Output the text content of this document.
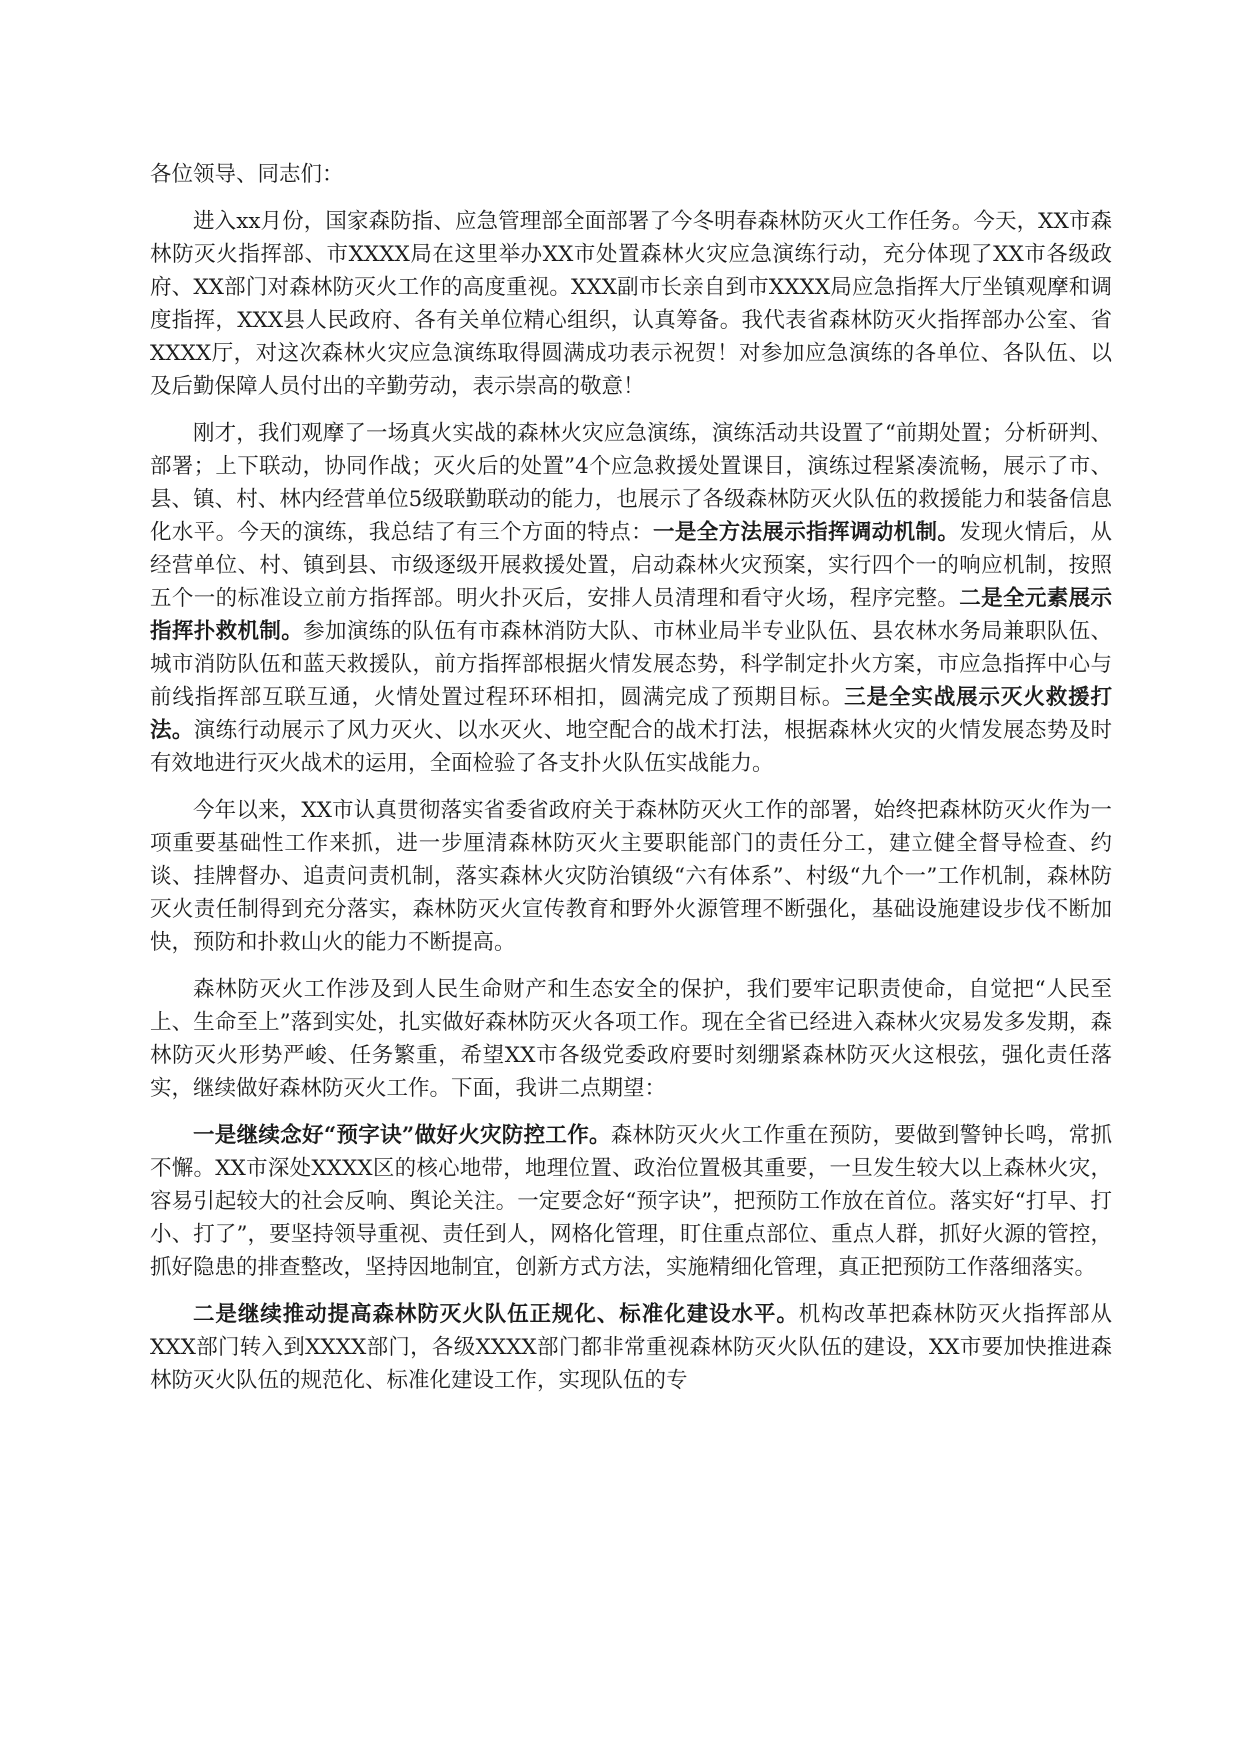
各位领导、同志们：

进入xx月份，国家森防指、应急管理部全面部署了今冬明春森林防灭火工作任务。今天，XX市森林防灭火指挥部、市XXXX局在这里举办XX市处置森林火灾应急演练行动，充分体现了XX市各级政府、XX部门对森林防灭火工作的高度重视。XXX副市长亲自到市XXXX局应急指挥大厅坐镇观摩和调度指挥，XXX县人民政府、各有关单位精心组织，认真筹备。我代表省森林防灭火指挥部办公室、省XXXX厅，对这次森林火灾应急演练取得圆满成功表示祝贺！对参加应急演练的各单位、各队伍、以及后勤保障人员付出的辛勤劳动，表示崇高的敬意！

刚才，我们观摩了一场真火实战的森林火灾应急演练，演练活动共设置了“前期处置；分析研判、部署；上下联动，协同作战；灭火后的处置”4个应急救援处置课目，演练过程紧凑流畅，展示了市、县、镇、村、林内经营单位5级联勤联动的能力，也展示了各级森林防灭火队伍的救援能力和装备信息化水平。今天的演练，我总结了有三个方面的特点：一是全方法展示指挥调动机制。发现火情后，从经营单位、村、镇到县、市级逐级开展救援处置，启动森林火灾预案，实行四个一的响应机制，按照五个一的标准设立前方指挥部。明火扑灭后，安排人员清理和看守火场，程序完整。二是全元素展示指挥扑救机制。参加演练的队伍有市森林消防大队、市林业局半专业队伍、县农林水务局兼职队伍、城市消防队伍和蓝天救援队，前方指挥部根据火情发展态势，科学制定扑火方案，市应急指挥中心与前线指挥部互联互通，火情处置过程环环相扣，圆满完成了预期目标。三是全实战展示灭火救援打法。演练行动展示了风力灭火、以水灭火、地空配合的战术打法，根据森林火灾的火情发展态势及时有效地进行灭火战术的运用，全面检验了各支扑火队伍实战能力。

今年以来，XX市认真贯彻落实省委省政府关于森林防灭火工作的部署，始终把森林防灭火作为一项重要基础性工作来抓，进一步厘清森林防灭火主要职能部门的责任分工，建立健全督导检查、约谈、挂牌督办、追责问责机制，落实森林火灾防治镇级“六有体系”、村级“九个一”工作机制，森林防灭火责任制得到充分落实，森林防灭火宣传教育和野外火源管理不断强化，基础设施建设步伐不断加快，预防和扑救山火的能力不断提高。

森林防灭火工作涉及到人民生命财产和生态安全的保护，我们要牢记职责使命，自觉把“人民至上、生命至上”落到实处，扎实做好森林防灭火各项工作。现在全省已经进入森林火灾易发多发期，森林防灭火形势严峻、任务繁重，希望XX市各级党委政府要时刻绷紧森林防灭火这根弦，强化责任落实，继续做好森林防灭火工作。下面，我讲二点期望：

一是继续念好“预字诀”做好火灾防控工作。森林防灭火火工作重在预防，要做到警钟长鸣，常抓不懈。XX市深处XXXX区的核心地带，地理位置、政治位置极其重要，一旦发生较大以上森林火灾，容易引起较大的社会反响、舆论关注。一定要念好“预字诀”，把预防工作放在首位。落实好“打早、打小、打了”，要坚持领导重视、责任到人，网格化管理，盯住重点部位、重点人群，抓好火源的管控，抓好隐患的排查整改，坚持因地制宜，创新方式方法，实施精细化管理，真正把预防工作落细落实。

二是继续推动提高森林防灭火队伍正规化、标准化建设水平。机构改革把森林防灭火指挥部从XXX部门转入到XXXX部门，各级XXXX部门都非常重视森林防灭火队伍的建设，XX市要加快推进森林防灭火队伍的规范化、标准化建设工作，实现队伍的专
